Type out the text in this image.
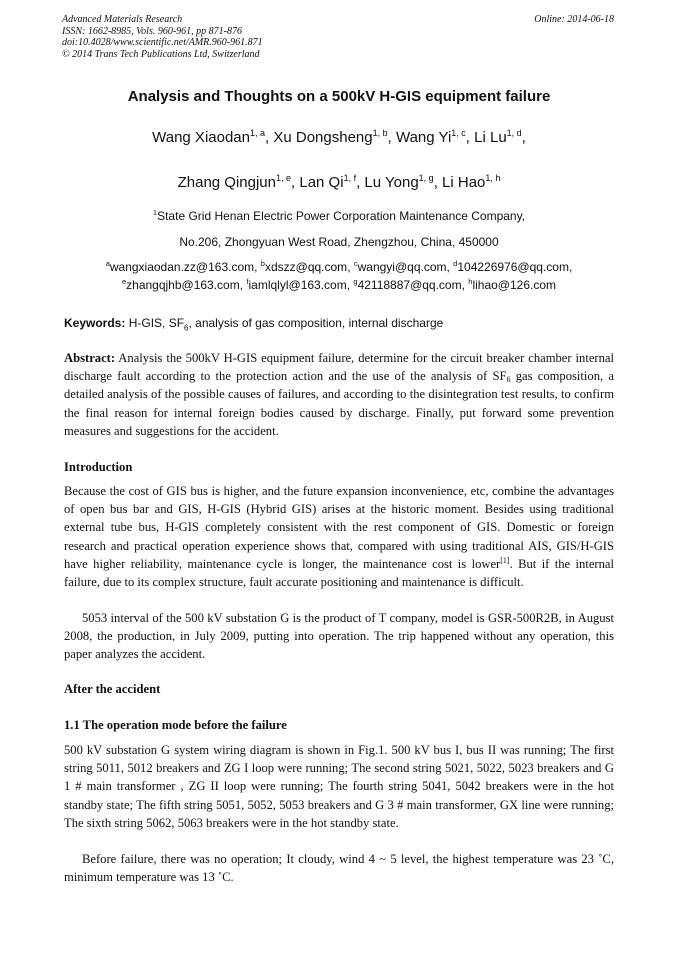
Advanced Materials Research
ISSN: 1662-8985, Vols. 960-961, pp 871-876
doi:10.4028/www.scientific.net/AMR.960-961.871
© 2014 Trans Tech Publications Ltd, Switzerland
Online: 2014-06-18
Analysis and Thoughts on a 500kV H-GIS equipment failure
Wang Xiaodan$^{1, a}$, Xu Dongsheng$^{1, b}$, Wang Yi$^{1, c}$, Li Lu$^{1, d}$,
Zhang Qingjun$^{1, e}$, Lan Qi$^{1, f}$, Lu Yong$^{1, g}$, Li Hao$^{1, h}$
$^1$State Grid Henan Electric Power Corporation Maintenance Company,
No.206, Zhongyuan West Road, Zhengzhou, China, 450000
$^a$wangxiaodan.zz@163.com, $^b$xdszz@qq.com, $^c$wangyi@qq.com, $^d$104226976@qq.com,
$^e$zhangqjhb@163.com, $^f$iamlqlyl@163.com, $^g$42118887@qq.com, $^h$lihao@126.com
Keywords: H-GIS, $SF_6$, analysis of gas composition, internal discharge
Abstract: Analysis the 500kV H-GIS equipment failure, determine for the circuit breaker chamber internal discharge fault according to the protection action and the use of the analysis of $SF_6$ gas composition, a detailed analysis of the possible causes of failures, and according to the disintegration test results, to confirm the final reason for internal foreign bodies caused by discharge. Finally, put forward some prevention measures and suggestions for the accident.
Introduction
Because the cost of GIS bus is higher, and the future expansion inconvenience, etc, combine the advantages of open bus bar and GIS, H-GIS (Hybrid GIS) arises at the historic moment. Besides using traditional external tube bus, H-GIS completely consistent with the rest component of GIS. Domestic or foreign research and practical operation experience shows that, compared with using traditional AIS, GIS/H-GIS have higher reliability, maintenance cycle is longer, the maintenance cost is lower[1]. But if the internal failure, due to its complex structure, fault accurate positioning and maintenance is difficult.
5053 interval of the 500 kV substation G is the product of T company, model is GSR-500R2B, in August 2008, the production, in July 2009, putting into operation. The trip happened without any operation, this paper analyzes the accident.
After the accident
1.1 The operation mode before the failure
500 kV substation G system wiring diagram is shown in Fig.1. 500 kV bus I, bus II was running; The first string 5011, 5012 breakers and ZG I loop were running; The second string 5021, 5022, 5023 breakers and G 1 # main transformer , ZG II loop were running; The fourth string 5041, 5042 breakers were in the hot standby state; The fifth string 5051, 5052, 5053 breakers and G 3 # main transformer, GX line were running; The sixth string 5062, 5063 breakers were in the hot standby state.
Before failure, there was no operation; It cloudy, wind 4 ~ 5 level, the highest temperature was 23 ˚C, minimum temperature was 13 ˚C.
